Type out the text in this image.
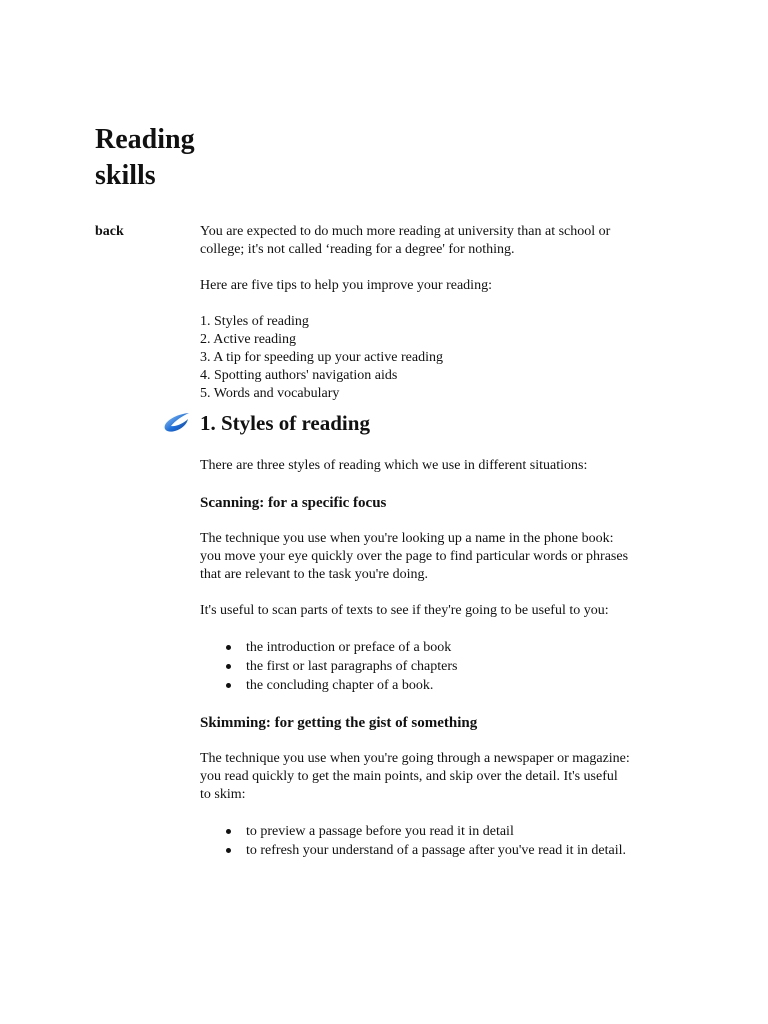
Reading skills
back	You are expected to do much more reading at university than at school or college; it's not called ‘reading for a degree' for nothing.

Here are five tips to help you improve your reading:

1. Styles of reading
2. Active reading
3. A tip for speeding up your active reading
4. Spotting authors' navigation aids
5. Words and vocabulary
1. Styles of reading

There are three styles of reading which we use in different situations:

Scanning: for a specific focus

The technique you use when you're looking up a name in the phone book: you move your eye quickly over the page to find particular words or phrases that are relevant to the task you're doing.

It's useful to scan parts of texts to see if they're going to be useful to you:

the introduction or preface of a book
the first or last paragraphs of chapters
the concluding chapter of a book.
Skimming: for getting the gist of something

The technique you use when you're going through a newspaper or magazine: you read quickly to get the main points, and skip over the detail. It's useful to skim:

to preview a passage before you read it in detail
to refresh your understand of a passage after you've read it in detail.
